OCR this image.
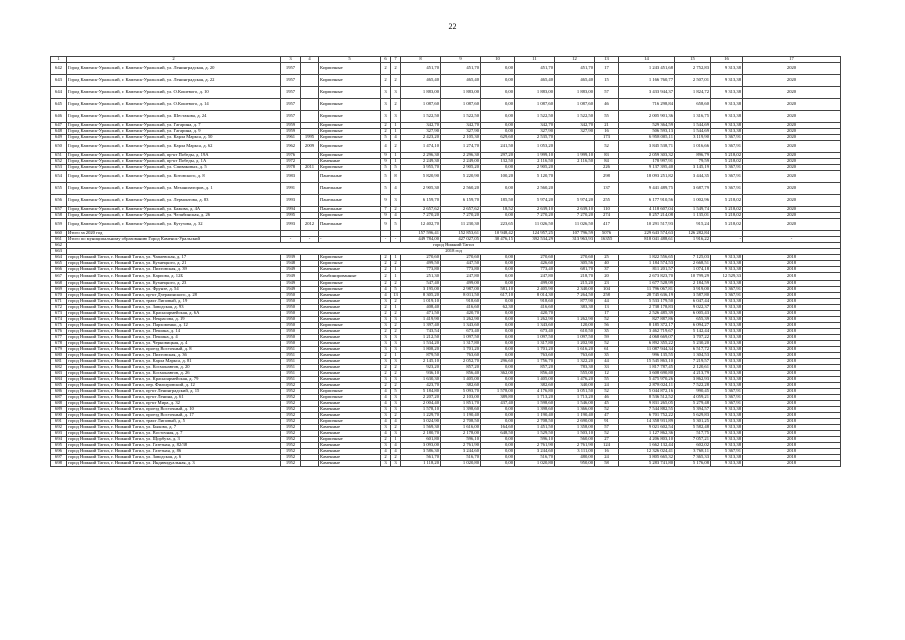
22
1	2	3	4	5	6	7	8	9	10	11	12	13	14	15	16	17
642	Город Каменск-Уральский, г. Каменск-Уральский, ул. Ленинградская, д. 20	1957		Кирпичные	2	2	451,70	451,70	0,00	451,70	451,70	17	1 243 451,68	2 752,83	9 313,38	2020
643	Город Каменск-Уральский, г. Каменск-Уральский, ул. Ленинградская, д. 22	1957		Кирпичные	2	2	465,40	465,40	0,00	465,40	465,40	15	1 166 760,77	2 507,01	9 313,38	2020
644	Город Каменск-Уральский, г. Каменск-Уральский, ул. О.Кошевого, д. 10	1957		Кирпичные	3	3	1 883,00	1 883,00	0,00	1 883,00	1 883,00	57	3 433 944,37	1 824,72	9 313,38	2020
645	Город Каменск-Уральский, г. Каменск-Уральский, ул. О.Кошевого, д. 14	1957		Кирпичные	3	2	1 087,60	1 087,60	0,00	1 087,60	1 087,60	46	716 298,84	658,60	9 313,38	2020
646	Город Каменск-Уральский, г. Каменск-Уральский, ул. Шестакова, д. 24	1957		Кирпичные	3	3	1 522,50	1 522,50	0,00	1 522,50	1 522,50	55	2 005 901,36	1 316,75	9 313,38	2020
647	Город Каменск-Уральский, г. Каменск-Уральский, ул. Гагарина, д. 7	1959		Кирпичные	2	1	342,70	342,70	0,00	342,70	342,70	21	529 364,59	1 544,69	9 313,38	2020
648	Город Каменск-Уральский, г. Каменск-Уральский, ул. Гагарина, д. 9	1959		Кирпичные	2	1	327,90	327,90	0,00	327,90	327,90	16	506 593,13	1 544,69	9 313,38	2020
649	Город Каменск-Уральский, г. Каменск-Уральский, ул. Карла Маркса, д. 50	1961	1995	Кирпичные	5	4	2 423,20	2 105,30	629,60	2 535,70		173	6 958 005,11	3 119,90	5 367,91	2020
650	Город Каменск-Уральский, г. Каменск-Уральский, ул. Карла Маркса, д. 62	1962	2009	Кирпичные	4	2	1 474,10	1 274,70	241,50	1 053,20		52	3 845 538,71	1 016,66	5 367,91	2020
651	Город Каменск-Уральский, г. Каменск-Уральский, пр-кт Победы, д. 19А	1976		Кирпичные	9	1	2 296,30	2 296,30	297,20	1 999,10	1 999,10	83	2 059 303,32	896,79	5 218,02	2020
652	Город Каменск-Уральский, г. Каменск-Уральский, пр-кт Победы, д. 1А	1972		Каменные	9	1	2 249,30	2 249,00	132,50	2 116,50	2 116,50	84	178 997,91	79,59	5 218,02	2020
653	Город Каменск-Уральский, г. Каменск-Уральский, ул. Спиваковых, д. 5	1978	2011	Кирпичные	5	5	3 955,70	2 905,20	0,00	2 905,20		226	9 137 395,40	3 145,19	5 367,91	2020
654	Город Каменск-Уральский, г. Каменск-Уральский, ул. Котовского, д. 8	1983		Панельные	5	8	5 820,90	5 220,90	100,20	5 120,70		298	18 093 251,82	3 444,35	5 367,91	2020
655	Город Каменск-Уральский, г. Каменск-Уральский, ул. Механизаторов, д. 1	1991		Панельные	5	4	2 905,30	2 560,20	0,00	2 560,20		137	9 441 489,75	3 687,79	5 367,91	2020
656	Город Каменск-Уральский, г. Каменск-Уральский, ул. Лермонтова, д. 83	1993		Панельные	9	3	6 159,70	6 159,70	185,50	5 974,20	5 974,20	255	6 177 910,56	1 002,96	5 218,02	2020
657	Город Каменск-Уральский, г. Каменск-Уральский, ул. Бажова, д. 4А	1994		Панельные	7	2	2 657,62	2 657,62	18,52	2 639,10	2 639,10	110	4 118 607,04	1 549,74	5 218,02	2020
658	Город Каменск-Уральский, г. Каменск-Уральский, ул. Челябинская, д. 26	1995		Кирпичные	9	4	7 270,20	7 270,20	0,00	7 270,20	7 270,20	274	8 257 214,08	1 135,01	5 218,02	2020
659	Город Каменск-Уральский, г. Каменск-Уральский, ул. Кутузова, д. 32	1993	2012	Панельные	9	5	12 402,70	11 230,30	223,65	11 026,50	11 026,50	417	10 291 517,93	915,24	5 218,02	2020
660	Итого за 2020 год						157 596,41	152 853,61	10 948,42	124 957,25	107 796,59	5076	229 643 574,63	126 282,84		
661	Итого по муниципальному образованию Город Каменск-Уральский	-	-	-	-	-	449 784,00	427 027,05	30 476,15	392 534,29	313 963,93	16355	818 041 488,61	1 916,22	-	-
662	город Нижний Тагил															
663	2018 год															
664	город Нижний Тагил, г. Нижний Тагил, ул. Чапаевская, д. 17	1939		Кирпичные	2	1	270,60	270,60	0,00	270,60	270,60	25	1 822 556,65	7 125,03	9 313,38	2018
665	город Нижний Тагил, г. Нижний Тагил, ул. Кузнецкого, д. 21	1948		Кирпичные	2	2	499,50	447,50	0,00	426,60	305,56	40	1 184 574,53	2 668,51	9 313,38	2018
666	город Нижний Тагил, г. Нижний Тагил, ул. Пихтовская, д. 39	1949		Каменные	2	1	773,80	773,80	0,00	773,40	681,70	37	811 201,57	1 074,18	9 313,38	2018
667	город Нижний Тагил, г. Нижний Тагил, ул. Карпова, д. 12Б	1949		Комбинированные	2	1	251,30	247,80	0,00	247,80	218,70	20	2 673 823,70	10 799,29	12 529,33	2018
668	город Нижний Тагил, г. Нижний Тагил, ул. Кузнецкого, д. 23	1949		Кирпичные	2	2	547,40	499,00	0,00	499,00	215,20	23	1 677 528,99	2 184,59	9 313,38	2018
669	город Нижний Тагил, г. Нижний Тагил, ул. Фрунзе, д. 54	1949		Кирпичные	4	5	3 195,00	2 987,00	581,10	2 405,90	2 340,00	104	11 796 067,81	3 919,00	5 367,91	2018
670	город Нижний Тагил, г. Нижний Тагил, пр-кт Дзержинского, д. 28	1950		Каменные	4	13	8 305,20	8 011,50	617,10	8 014,30	7 264,50	258	28 745 636,19	3 587,80	5 367,91	2018
671	город Нижний Тагил, г. Нижний Тагил, тракт Липовый, д. 19	1950		Каменные	3	2	1 019,10	918,60	0,00	918,60	877,90	44	5 533 179,50	6 047,44	9 313,38	2018
672	город Нижний Тагил, г. Нижний Тагил, ул. Заводская, д. 93	1950		Каменные	2	1	408,40	416,60	62,30	416,60	383,30	13	2 738 178,83	9 022,37	9 313,38	2018
673	город Нижний Тагил, г. Нижний Тагил, ул. Красноармейская, д. 6А	1950		Каменные	2	2	471,50	420,70	0,00	420,70		17	2 526 485,39	6 005,43	9 313,38	2018
674	город Нижний Тагил, г. Нижний Тагил, ул. Некрасова, д. 19	1950		Каменные	3	3	1 419,90	1 262,90	0,00	1 262,90	1 262,90	52	827 887,86	655,39	9 313,38	2018
675	город Нижний Тагил, г. Нижний Тагил, ул. Пархоменко, д. 12	1950		Кирпичные	3	2	1 397,40	1 343,60	0,00	1 343,60	120,00	56	8 185 372,17	6 094,27	9 313,38	2018
676	город Нижний Тагил, г. Нижний Тагил, ул. Пешина, д. 14	1950		Каменные	2	2	743,54	673,40	0,00	673,40	610,50	35	3 462 719,67	5 142,44	9 313,38	2018
677	город Нижний Тагил, г. Нижний Тагил, ул. Пешина, д. 4	1950		Каменные	3	3	1 212,50	1 097,50	0,00	1 097,50	1 097,50	59	4 068 669,07	3 707,22	9 313,38	2018
678	город Нижний Тагил, г. Нижний Тагил, ул. Черновицкая, д. 4	1950		Каменные	3	3	1 534,20	1 317,80	0,00	1 317,80	1 202,90	52	6 892 355,22	5 230,20	9 313,38	2018
679	город Нижний Тагил, г. Нижний Тагил, проезд Восточный, д. 8	1951		Каменные	3	3	1 808,20	1 701,20	0,00	1 701,20	1 616,20	61	11 087 944,34	6 517,72	9 313,38	2018
680	город Нижний Тагил, г. Нижний Тагил, ул. Пихтовская, д. 36	1951		Каменные	2	1	879,50	763,60	0,00	763,60	763,60	35	996 135,55	1 304,53	9 313,38	2018
681	город Нижний Тагил, г. Нижний Тагил, ул. Карла Маркса, д. 81	1951		Каменные	3	3	2 145,10	2 052,70	296,60	1 756,70	1 322,20	44	15 545 863,10	7 219,57	9 313,38	2018
682	город Нижний Тагил, г. Нижний Тагил, ул. Космонавтов, д. 20	1951		Каменные	2	2	923,20	857,20	0,00	857,20	783,30	33	1 817 787,45	2 120,61	9 313,38	2018
683	город Нижний Тагил, г. Нижний Тагил, ул. Космонавтов, д. 26	1951		Каменные	2	2	936,10	856,40	362,00	856,40	555,00	12	3 608 690,80	4 213,79	9 313,38	2018
684	город Нижний Тагил, г. Нижний Тагил, ул. Красноармейская, д. 79	1951		Каменные	3	3	1 630,30	1 405,00	0,00	1 405,00	1 476,20	55	5 475 970,26	3 862,93	9 313,38	2018
685	город Нижний Тагил, г. Нижний Тагил, пер. Фильтровский, д. 12	1952		Каменные	2	2	423,70	382,60	0,00	382,60	340,00	24	2 878 024,11	7 522,28	9 313,38	2018
686	город Нижний Тагил, г. Нижний Тагил, пр-кт Ленинградский, д. 15	1952		Кирпичные	4	5	5 184,80	5 093,70	1 578,00	4 176,80	3 051,50	52	5 044 872,16	990,45	5 367,91	2018
687	город Нижний Тагил, г. Нижний Тагил, пр-кт Ленина, д. 61	1952		Кирпичные	4	3	2 207,20	2 103,00	389,80	1 713,20	1 713,20	46	8 536 512,52	4 059,21	5 367,91	2018
688	город Нижний Тагил, г. Нижний Тагил, пр-кт Мира, д. 32	1952		Каменные	4	3	2 004,40	1 851,70	437,40	1 598,60	1 546,00	45	9 831 265,05	5 279,48	5 367,91	2018
689	город Нижний Тагил, г. Нижний Тагил, проезд Восточный, д. 10	1952		Каменные	3	3	1 578,10	1 398,60	0,00	1 398,60	1 366,00	52	7 544 882,55	5 394,57	9 313,38	2018
690	город Нижний Тагил, г. Нижний Тагил, проезд Восточный, д. 17	1952		Каменные	3	2	1 229,70	1 190,40	0,00	1 190,40	1 190,40	47	6 701 752,22	5 629,83	9 313,38	2018
691	город Нижний Тагил, г. Нижний Тагил, тракт Липовый, д. 5	1952		Кирпичные	4	4	3 024,90	2 708,50	0,00	2 708,50	2 690,00	91	14 358 931,89	5 301,25	9 313,38	2018
692	город Нижний Тагил, г. Нижний Тагил, ул. Быкова, д. 7	1952		Каменные	3	2	1 569,30	1 616,00	164,60	1 451,50	1 358,00	57	9 021 602,54	5 582,48	9 313,38	2018
693	город Нижний Тагил, г. Нижний Тагил, ул. Восточная, д. 7	1952		Каменные	4	3	2 180,70	2 178,00	648,50	1 529,50	1 503,10	52	1 127 862,36	517,75	9 313,38	2018
694	город Нижний Тагил, г. Нижний Тагил, ул. Щорбуха, д. 3	1952		Кирпичные	2	1	601,80	596,10	0,00	596,10	560,00	27	4 206 803,10	7 057,21	9 313,38	2018
695	город Нижний Тагил, г. Нижний Тагил, ул. Газетная, д. 82/38	1952		Каменные	3	4	3 093,00	2 761,90	0,00	2 761,90	2 761,90	124	1 662 132,44	602,02	9 313,38	2018
696	город Нижний Тагил, г. Нижний Тагил, ул. Газетная, д. 86	1952		Каменные	4	4	3 586,30	3 244,60	0,00	3 244,60	3 111,00	16	12 326 024,41	3 768,11	5 367,91	2018
697	город Нижний Тагил, г. Нижний Тагил, ул. Заводская, д. 6	1952		Каменные	2	2	561,70	516,70	0,00	516,70	480,00	24	3 805 665,32	7 365,33	9 313,38	2018
698	город Нижний Тагил, г. Нижний Тагил, ул. Индивидуальная, д. 3	1952		Каменные	3	3	1 118,20	1 020,80	0,00	1 020,80	950,00	58	5 283 741,80	5 176,08	9 313,38	2018
